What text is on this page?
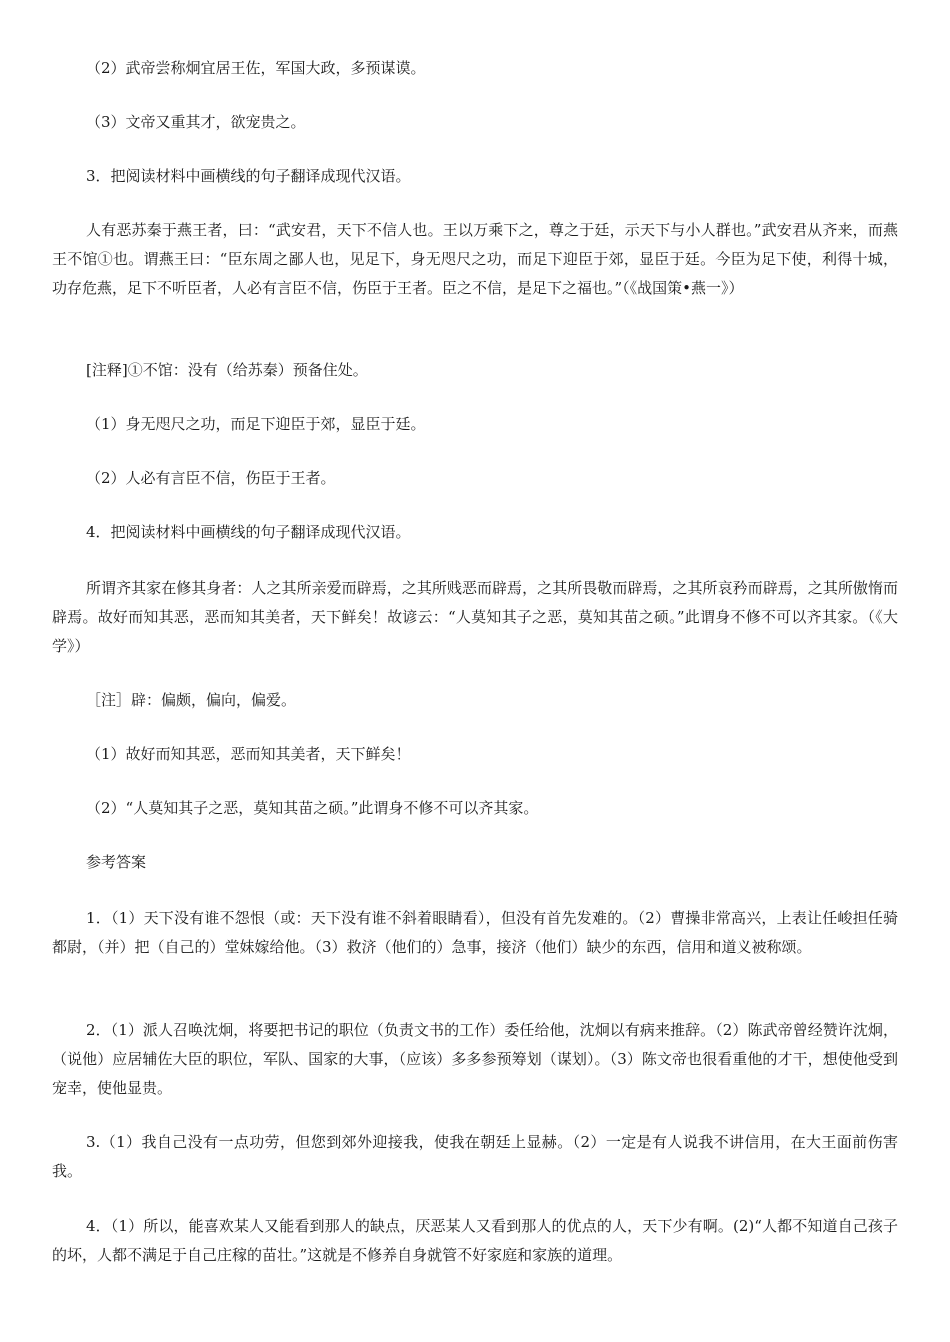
（2）武帝尝称炯宜居王佐，军国大政，多预谋谟。

（3）文帝又重其才，欲宠贵之。

3．把阅读材料中画横线的句子翻译成现代汉语。

人有恶苏秦于燕王者，曰：“武安君，天下不信人也。王以万乘下之，尊之于廷，示天下与小人群也。”武安君从齐来，而燕王不馆①也。谓燕王曰：“臣东周之鄙人也，见足下，身无咫尺之功，而足下迎臣于郊，显臣于廷。今臣为足下使，利得十城，功存危燕，足下不听臣者，人必有言臣不信，伤臣于王者。臣之不信，是足下之福也。”（《战国策•燕一》）

[注释]①不馆：没有（给苏秦）预备住处。

（1）身无咫尺之功，而足下迎臣于郊，显臣于廷。

（2）人必有言臣不信，伤臣于王者。

4．把阅读材料中画横线的句子翻译成现代汉语。

所谓齐其家在修其身者：人之其所亲爱而辟焉，之其所贱恶而辟焉，之其所畏敬而辟焉，之其所哀矜而辟焉，之其所傲惰而辟焉。故好而知其恶，恶而知其美者，天下鲜矣！故谚云：“人莫知其子之恶，莫知其苗之硕。”此谓身不修不可以齐其家。（《大学》）

［注］辟：偏颇，偏向，偏爱。

（1）故好而知其恶，恶而知其美者，天下鲜矣！

（2）“人莫知其子之恶，莫知其苗之硕。”此谓身不修不可以齐其家。

参考答案

1．（1）天下没有谁不怨恨（或：天下没有谁不斜着眼睛看），但没有首先发难的。（2）曹操非常高兴，上表让任峻担任骑都尉，（并）把（自己的）堂妹嫁给他。（3）救济（他们的）急事，接济（他们）缺少的东西，信用和道义被称颂。

2．（1）派人召唤沈炯，将要把书记的职位（负责文书的工作）委任给他，沈炯以有病来推辞。（2）陈武帝曾经赞许沈炯，（说他）应居辅佐大臣的职位，军队、国家的大事，（应该）多多参预筹划（谋划）。（3）陈文帝也很看重他的才干，想使他受到宠幸，使他显贵。

3.（1）我自己没有一点功劳，但您到郊外迎接我，使我在朝廷上显赫。（2）一定是有人说我不讲信用，在大王面前伤害我。

4．（1）所以，能喜欢某人又能看到那人的缺点，厌恶某人又看到那人的优点的人，天下少有啊。(2)“人都不知道自己孩子的坏，人都不满足于自己庄稼的苗壮。”这就是不修养自身就管不好家庭和家族的道理。
